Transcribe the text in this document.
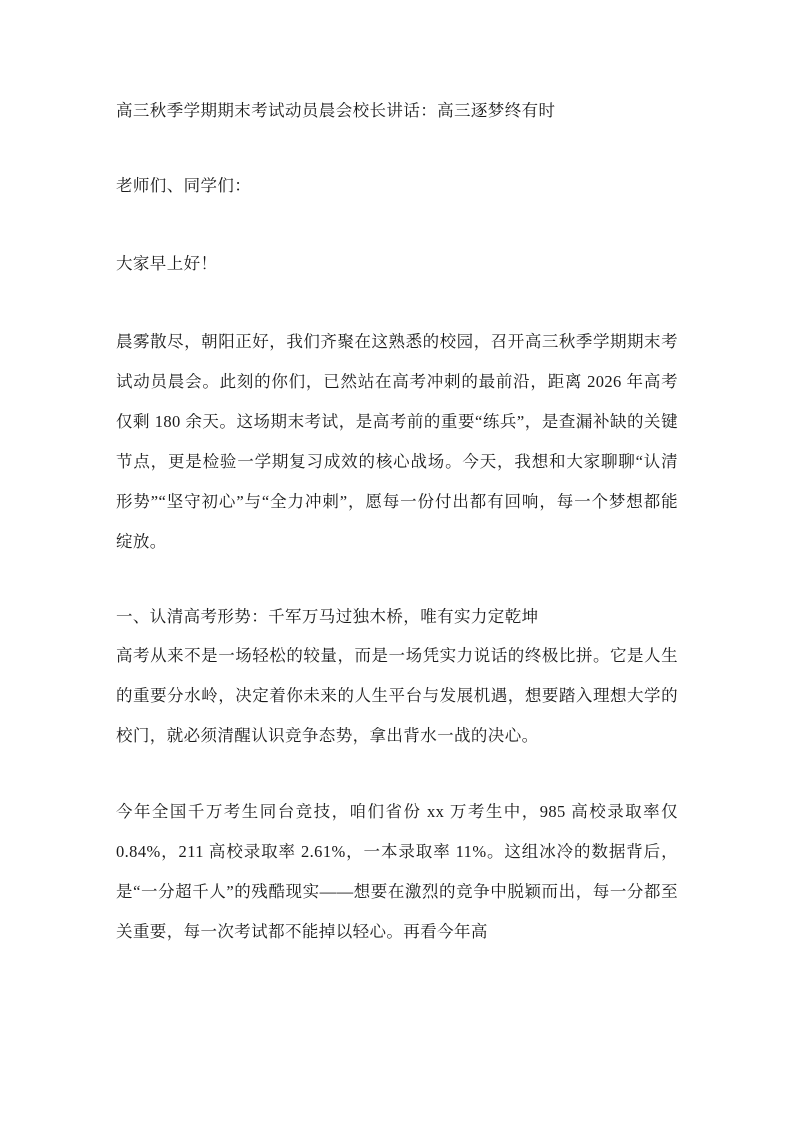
高三秋季学期期末考试动员晨会校长讲话：高三逐梦终有时

老师们、同学们：

大家早上好！

晨雾散尽，朝阳正好，我们齐聚在这熟悉的校园，召开高三秋季学期期末考试动员晨会。此刻的你们，已然站在高考冲刺的最前沿，距离 2026 年高考仅剩 180 余天。这场期末考试，是高考前的重要“练兵”，是查漏补缺的关键节点，更是检验一学期复习成效的核心战场。今天，我想和大家聊聊“认清形势”“坚守初心”与“全力冲刺”，愿每一份付出都有回响，每一个梦想都能绽放。

一、认清高考形势：千军万马过独木桥，唯有实力定乾坤

高考从来不是一场轻松的较量，而是一场凭实力说话的终极比拼。它是人生的重要分水岭，决定着你未来的人生平台与发展机遇，想要踏入理想大学的校门，就必须清醒认识竞争态势，拿出背水一战的决心。

今年全国千万考生同台竞技，咱们省份 xx 万考生中，985 高校录取率仅 0.84%，211 高校录取率 2.61%，一本录取率 11%。这组冰冷的数据背后，是“一分超千人”的残酷现实——想要在激烈的竞争中脱颖而出，每一分都至关重要，每一次考试都不能掉以轻心。再看今年高
